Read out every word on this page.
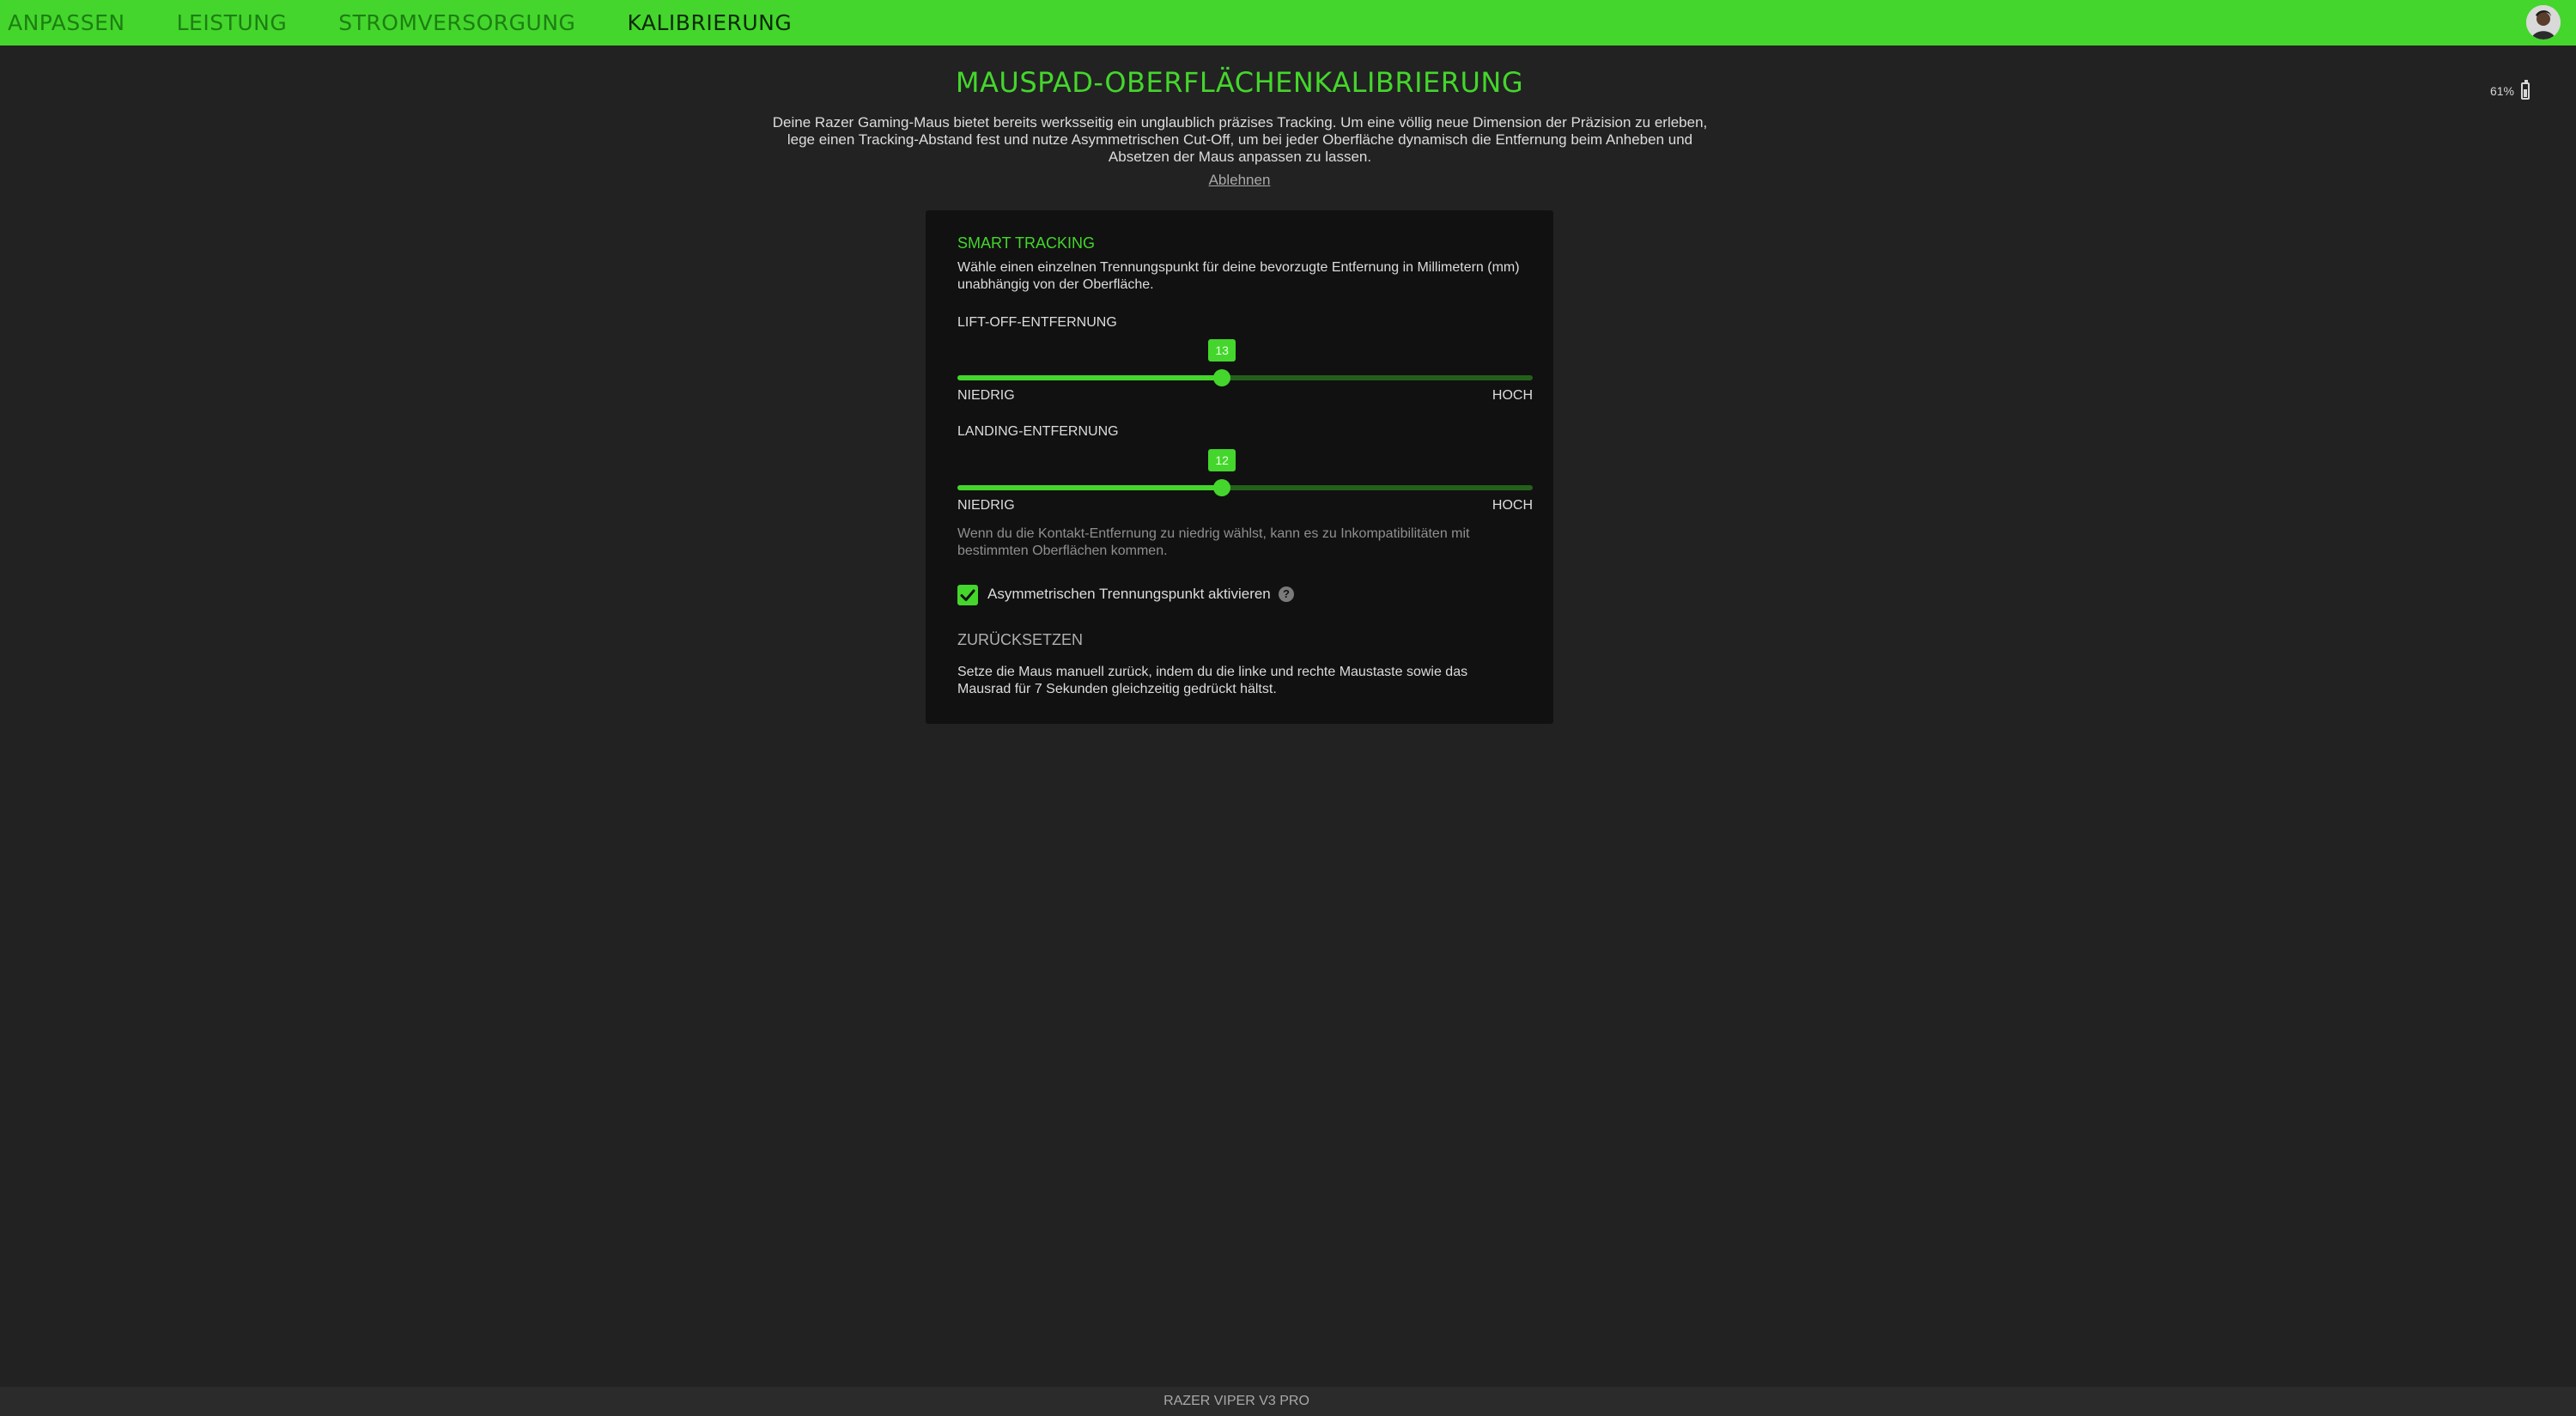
ANPASSEN LEISTUNG STROMVERSORGUNG KALIBRIERUNG
61%
MAUSPAD-OBERFLÄCHENKALIBRIERUNG
Deine Razer Gaming-Maus bietet bereits werksseitig ein unglaublich präzises Tracking. Um eine völlig neue Dimension der Präzision zu erleben, lege einen Tracking-Abstand fest und nutze Asymmetrischen Cut-Off, um bei jeder Oberfläche dynamisch die Entfernung beim Anheben und Absetzen der Maus anpassen zu lassen.
Ablehnen
SMART TRACKING
Wähle einen einzelnen Trennungspunkt für deine bevorzugte Entfernung in Millimetern (mm) unabhängig von der Oberfläche.
LIFT-OFF-ENTFERNUNG
13
NIEDRIG	HOCH
LANDING-ENTFERNUNG
12
NIEDRIG	HOCH
Wenn du die Kontakt-Entfernung zu niedrig wählst, kann es zu Inkompatibilitäten mit bestimmten Oberflächen kommen.
Asymmetrischen Trennungspunkt aktivieren	?
ZURÜCKSETZEN
Setze die Maus manuell zurück, indem du die linke und rechte Maustaste sowie das Mausrad für 7 Sekunden gleichzeitig gedrückt hältst.
RAZER VIPER V3 PRO
